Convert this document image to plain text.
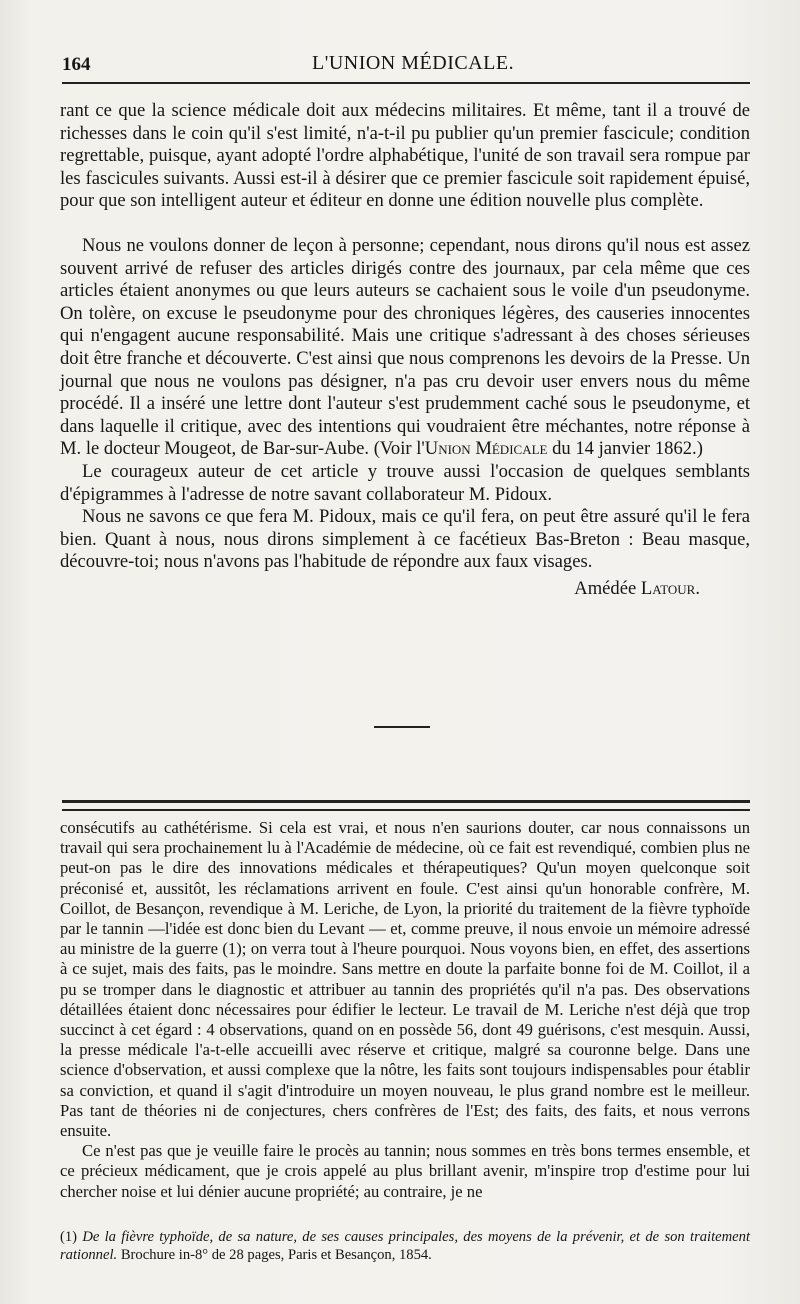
164	L'UNION MÉDICALE.

rant ce que la science médicale doit aux médecins militaires. Et même, tant il a trouvé de richesses dans le coin qu'il s'est limité, n'a-t-il pu publier qu'un premier fascicule; condition regrettable, puisque, ayant adopté l'ordre alphabétique, l'unité de son travail sera rompue par les fascicules suivants. Aussi est-il à désirer que ce premier fascicule soit rapidement épuisé, pour que son intelligent auteur et éditeur en donne une édition nouvelle plus complète.

Nous ne voulons donner de leçon à personne; cependant, nous dirons qu'il nous est assez souvent arrivé de refuser des articles dirigés contre des journaux, par cela même que ces articles étaient anonymes ou que leurs auteurs se cachaient sous le voile d'un pseudonyme. On tolère, on excuse le pseudonyme pour des chroniques légères, des causeries innocentes qui n'engagent aucune responsabilité. Mais une critique s'adressant à des choses sérieuses doit être franche et découverte. C'est ainsi que nous comprenons les devoirs de la Presse. Un journal que nous ne voulons pas désigner, n'a pas cru devoir user envers nous du même procédé. Il a inséré une lettre dont l'auteur s'est prudemment caché sous le pseudonyme, et dans laquelle il critique, avec des intentions qui voudraient être méchantes, notre réponse à M. le docteur Mougeot, de Bar-sur-Aube. (Voir l'Union Médicale du 14 janvier 1862.)

Le courageux auteur de cet article y trouve aussi l'occasion de quelques semblants d'épigrammes à l'adresse de notre savant collaborateur M. Pidoux.

Nous ne savons ce que fera M. Pidoux, mais ce qu'il fera, on peut être assuré qu'il le fera bien. Quant à nous, nous dirons simplement à ce facétieux Bas-Breton : Beau masque, découvre-toi; nous n'avons pas l'habitude de répondre aux faux visages.

Amédée Latour.

consécutifs au cathétérisme. Si cela est vrai, et nous n'en saurions douter, car nous connaissons un travail qui sera prochainement lu à l'Académie de médecine, où ce fait est revendiqué, combien plus ne peut-on pas le dire des innovations médicales et thérapeutiques? Qu'un moyen quelconque soit préconisé et, aussitôt, les réclamations arrivent en foule. C'est ainsi qu'un honorable confrère, M. Coillot, de Besançon, revendique à M. Leriche, de Lyon, la priorité du traitement de la fièvre typhoïde par le tannin —l'idée est donc bien du Levant — et, comme preuve, il nous envoie un mémoire adressé au ministre de la guerre (1); on verra tout à l'heure pourquoi. Nous voyons bien, en effet, des assertions à ce sujet, mais des faits, pas le moindre. Sans mettre en doute la parfaite bonne foi de M. Coillot, il a pu se tromper dans le diagnostic et attribuer au tannin des propriétés qu'il n'a pas. Des observations détaillées étaient donc nécessaires pour édifier le lecteur. Le travail de M. Leriche n'est déjà que trop succinct à cet égard : 4 observations, quand on en possède 56, dont 49 guérisons, c'est mesquin. Aussi, la presse médicale l'a-t-elle accueilli avec réserve et critique, malgré sa couronne belge. Dans une science d'observation, et aussi complexe que la nôtre, les faits sont toujours indispensables pour établir sa conviction, et quand il s'agit d'introduire un moyen nouveau, le plus grand nombre est le meilleur. Pas tant de théories ni de conjectures, chers confrères de l'Est; des faits, des faits, et nous verrons ensuite.

Ce n'est pas que je veuille faire le procès au tannin; nous sommes en très bons termes ensemble, et ce précieux médicament, que je crois appelé au plus brillant avenir, m'inspire trop d'estime pour lui chercher noise et lui dénier aucune propriété; au contraire, je ne

(1) De la fièvre typhoïde, de sa nature, de ses causes principales, des moyens de la prévenir, et de son traitement rationnel. Brochure in-8° de 28 pages, Paris et Besançon, 1854.
